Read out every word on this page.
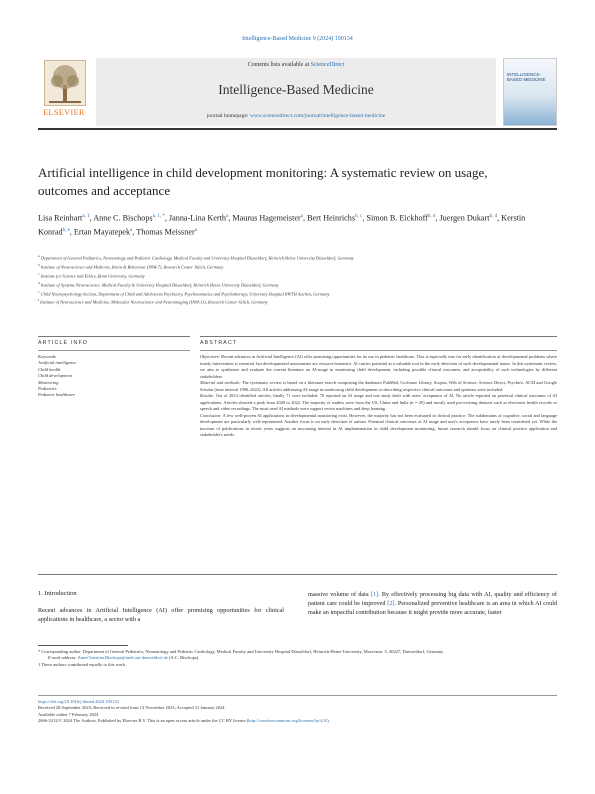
Intelligence-Based Medicine 9 (2024) 100134
ELSEVIER
Contents lists available at ScienceDirect
Intelligence-Based Medicine
journal homepage: www.sciencedirect.com/journal/intelligence-based-medicine
INTELLIGENCE-BASED MEDICINE
Artificial intelligence in child development monitoring: A systematic review on usage, outcomes and acceptance
Lisa Reinhart$^{a, 1}$, Anne C. Bischops$^{a, 1, *}$, Janna-Lina Kerth$^a$, Maurus Hagemeister$^a$, Bert Heinrichs$^{b, c}$, Simon B. Eickhoff$^{b, d}$, Juergen Dukart$^{b, d}$, Kerstin Konrad$^{b, e}$, Ertan Mayatepek$^a$, Thomas Meissner$^a$
$^a$ Department of General Pediatrics, Neonatology and Pediatric Cardiology, Medical Faculty and University Hospital Düsseldorf, Heinrich Heine University Düsseldorf, Germany
$^b$ Institute of Neuroscience and Medicine, Brain & Behaviour (INM-7), Research Center Jülich, Germany
$^c$ Institute for Science and Ethics, Bonn University, Germany
$^d$ Institute of Systems Neuroscience, Medical Faculty & University Hospital Düsseldorf, Heinrich Heine University Düsseldorf, Germany
$^e$ Child Neuropsychology Section, Department of Child and Adolescent Psychiatry, Psychosomatics and Psychotherapy, University Hospital RWTH Aachen, Germany
$^f$ Institute of Neuroscience and Medicine, Molecular Neuroscience and Neuroimaging (INM-11), Research Center Jülich, Germany
ARTICLE INFO	ABSTRACT
Keywords
Artificial intelligence
Child health
Child development
Monitoring
Pediatrics
Pediatric healthcare

Objectives: Recent advances in Artificial Intelligence (AI) offer promising opportunities for its use in pediatric healthcare. This is especially true for early identification of developmental problems where timely intervention is essential, but developmental assessments are resource-intensive. AI carries potential as a valuable tool in the early detection of such developmental issues. In this systematic review, we aim to synthesize and evaluate the current literature on AI-usage in monitoring child development, including possible clinical outcomes, and acceptability of such technologies by different stakeholders.

Material and methods: The systematic review is based on a literature search comprising the databases PubMed, Cochrane Library, Scopus, Web of Science, Science Direct, PsycInfo, ACM and Google Scholar (time interval 1996–2022). All articles addressing AI-usage in monitoring child development or describing respective clinical outcomes and opinions were included.

Results: Out of 2814 identified articles, finally 71 were included. 70 reported on AI usage and one study dealt with users' acceptance of AI. No article reported on potential clinical outcomes of AI applications. Articles showed a peak from 2020 to 2022. The majority of studies were from the US, China and India (n = 45) and mostly used pre-existing datasets such as electronic health records or speech and video recordings. The most used AI methods were support vector machines and deep learning.

Conclusion: A few well-proven AI applications in developmental monitoring exist. However, the majority has not been evaluated in clinical practice. The subdomains of cognitive, social and language development are particularly well-represented. Another focus is on early detection of autism. Potential clinical outcomes of AI usage and user's acceptance have rarely been considered yet. While the increase of publications in recent years suggests an increasing interest in AI implementation in child development monitoring, future research should focus on clinical practice application and stakeholder's needs.

1. Introduction
Recent advances in Artificial Intelligence (AI) offer promising opportunities for clinical applications in healthcare, a sector with a
massive volume of data [1]. By effectively processing big data with AI, quality and efficiency of patient care could be improved [2]. Personalized preventive healthcare is an area in which AI could make an impactful contribution because it might provide more accurate, faster
* Corresponding author. Department of General Pediatrics, Neonatology and Pediatric Cardiology, Medical Faculty and University Hospital Düsseldorf, Heinrich-Heine-University, Moorenstr. 5, 40227, Duesseldorf, Germany.
E-mail address: AnneChristina.Bischops@med.uni-duesseldorf.de (A.C. Bischops).
1 These authors contributed equally to this work.
https://doi.org/10.1016/j.ibmed.2024.100134
Received 28 September 2023; Received in revised form 13 November 2023; Accepted 31 January 2024
Available online 7 February 2024
2666-5212/© 2024 The Authors. Published by Elsevier B.V. This is an open access article under the CC BY license (http://creativecommons.org/licenses/by/4.0/).
